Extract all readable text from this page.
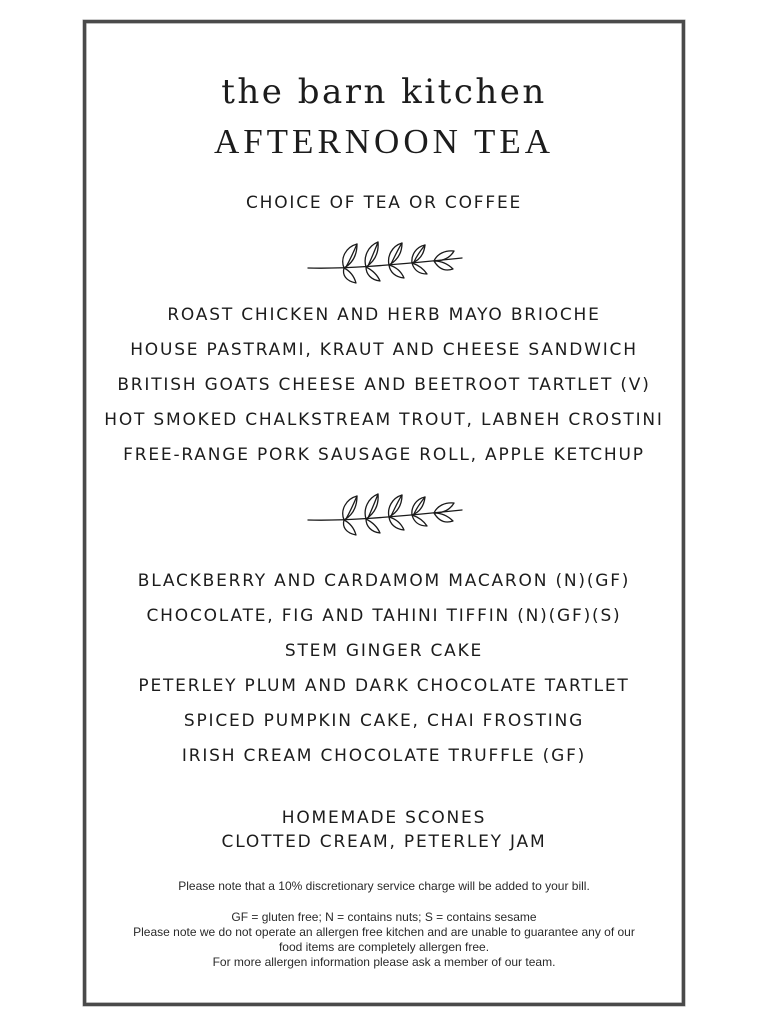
the barn kitchen
AFTERNOON TEA
CHOICE OF TEA OR COFFEE
ROAST CHICKEN AND HERB MAYO BRIOCHE
HOUSE PASTRAMI, KRAUT AND CHEESE SANDWICH
BRITISH GOATS CHEESE AND BEETROOT TARTLET (V)
HOT SMOKED CHALKSTREAM TROUT, LABNEH CROSTINI
FREE-RANGE PORK SAUSAGE ROLL, APPLE KETCHUP
BLACKBERRY AND CARDAMOM MACARON (N)(GF)
CHOCOLATE, FIG AND TAHINI TIFFIN (N)(GF)(S)
STEM GINGER CAKE
PETERLEY PLUM AND DARK CHOCOLATE TARTLET
SPICED PUMPKIN CAKE, CHAI FROSTING
IRISH CREAM CHOCOLATE TRUFFLE (GF)
HOMEMADE SCONES
CLOTTED CREAM, PETERLEY JAM
Please note that a 10% discretionary service charge will be added to your bill.
GF = gluten free; N = contains nuts; S = contains sesame
Please note we do not operate an allergen free kitchen and are unable to guarantee any of our
food items are completely allergen free.
For more allergen information please ask a member of our team.
